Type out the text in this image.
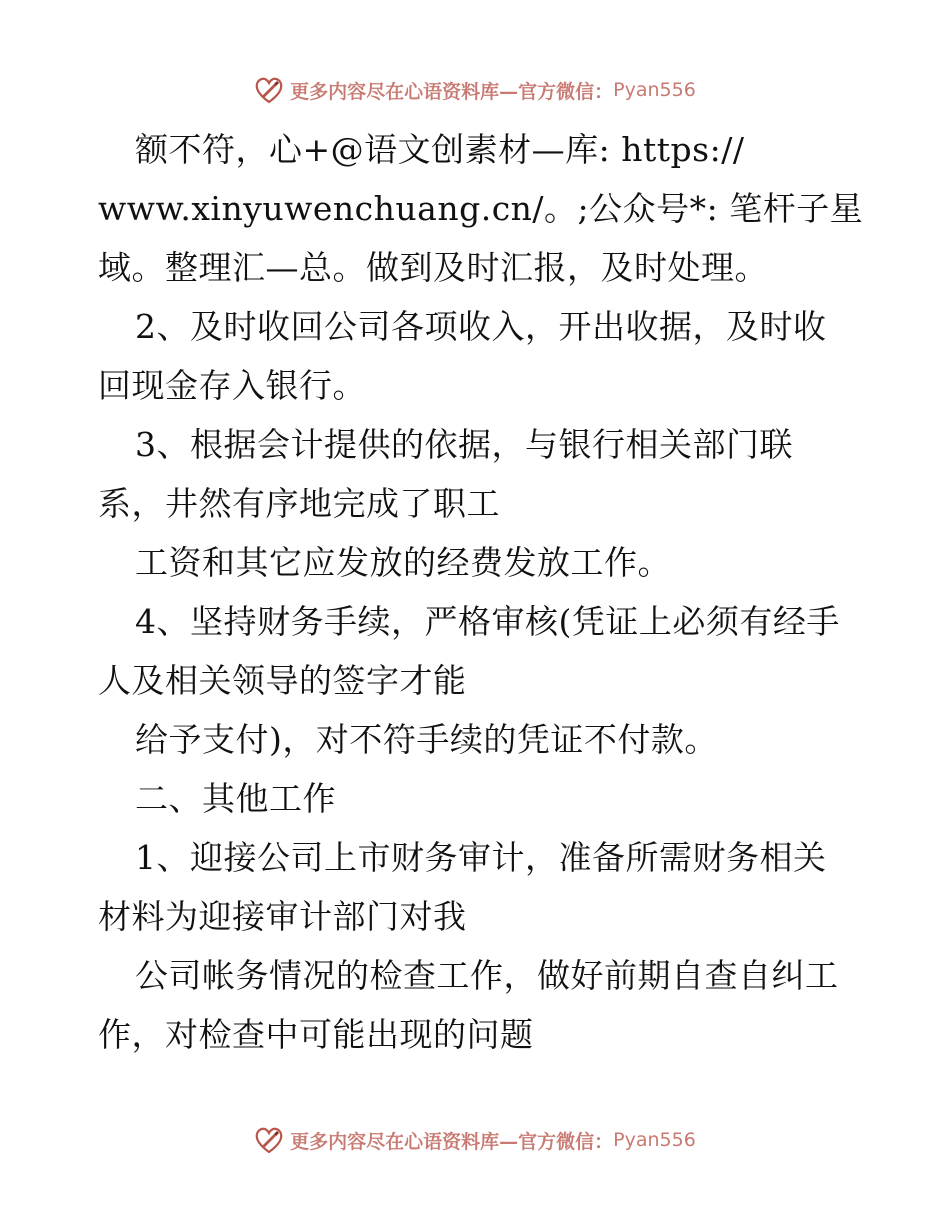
更多内容尽在心语资料库—官方微信： Pyan556
额不符，心+@语文创素材—库: https://
www.xinyuwenchuang.cn/。;公众号*: 笔杆子星
域。整理汇—总。做到及时汇报，及时处理。
2、及时收回公司各项收入，开出收据，及时收
回现金存入银行。
3、根据会计提供的依据，与银行相关部门联
系，井然有序地完成了职工
工资和其它应发放的经费发放工作。
4、坚持财务手续，严格审核(凭证上必须有经手
人及相关领导的签字才能
给予支付)，对不符手续的凭证不付款。
二、其他工作
1、迎接公司上市财务审计，准备所需财务相关
材料为迎接审计部门对我
公司帐务情况的检查工作，做好前期自查自纠工
作，对检查中可能出现的问题
更多内容尽在心语资料库—官方微信： Pyan556
